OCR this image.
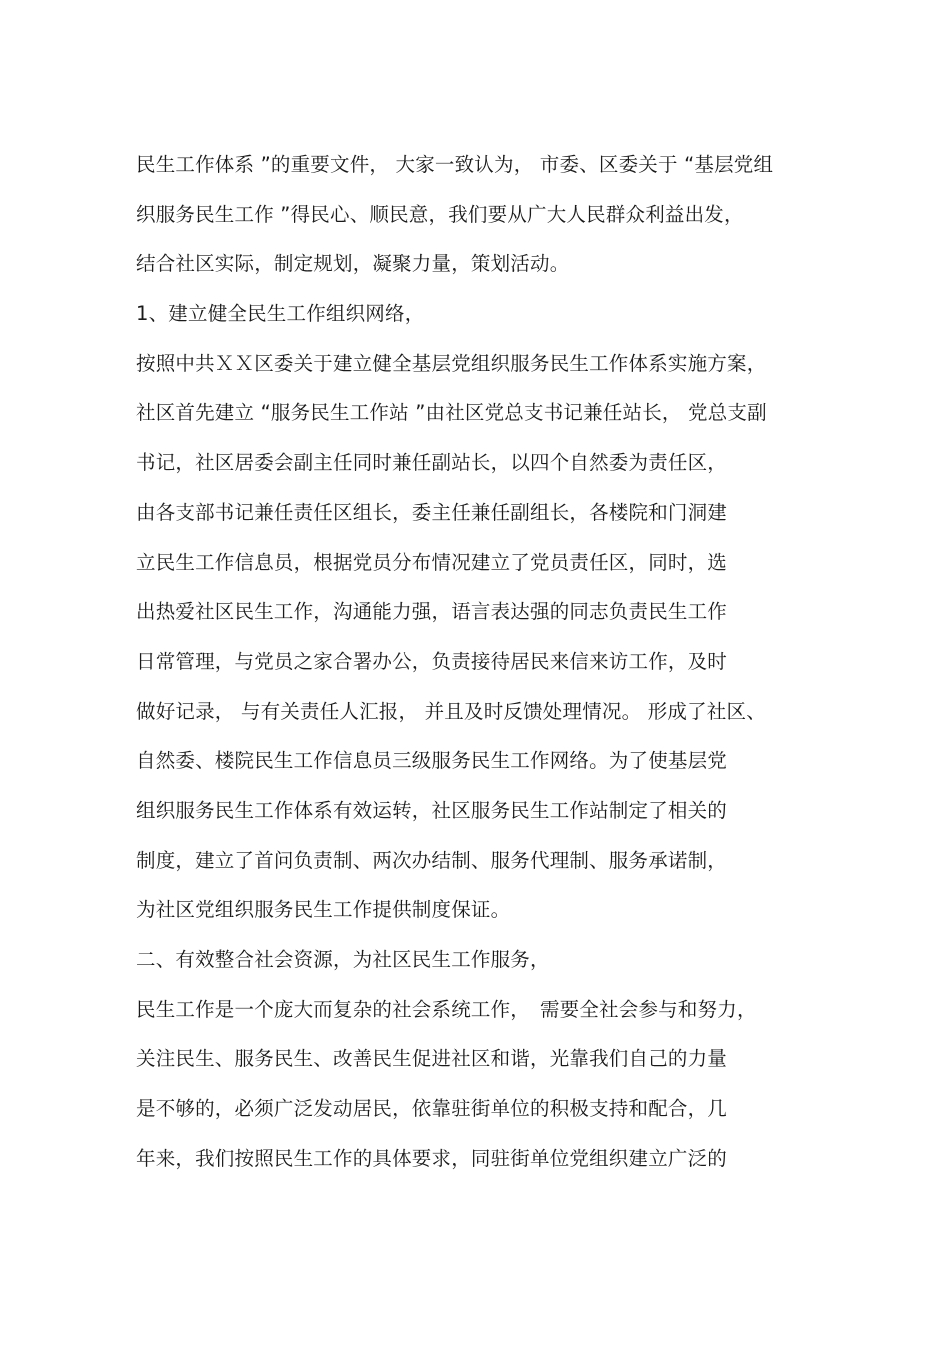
民生工作体系 ”的重要文件， 大家一致认为， 市委、区委关于 “基层党组
织服务民生工作 ”得民心、顺民意，我们要从广大人民群众利益出发，
结合社区实际，制定规划，凝聚力量，策划活动。
1、建立健全民生工作组织网络，
按照中共ＸＸ区委关于建立健全基层党组织服务民生工作体系实施方案，
社区首先建立 “服务民生工作站 ”由社区党总支书记兼任站长， 党总支副
书记，社区居委会副主任同时兼任副站长，以四个自然委为责任区，
由各支部书记兼任责任区组长，委主任兼任副组长，各楼院和门洞建
立民生工作信息员，根据党员分布情况建立了党员责任区，同时，选
出热爱社区民生工作，沟通能力强，语言表达强的同志负责民生工作
日常管理，与党员之家合署办公，负责接待居民来信来访工作，及时
做好记录， 与有关责任人汇报， 并且及时反馈处理情况。 形成了社区、
自然委、楼院民生工作信息员三级服务民生工作网络。为了使基层党
组织服务民生工作体系有效运转，社区服务民生工作站制定了相关的
制度，建立了首问负责制、两次办结制、服务代理制、服务承诺制，
为社区党组织服务民生工作提供制度保证。
二、有效整合社会资源，为社区民生工作服务，
民生工作是一个庞大而复杂的社会系统工作，　需要全社会参与和努力，
关注民生、服务民生、改善民生促进社区和谐，光靠我们自己的力量
是不够的，必须广泛发动居民，依靠驻街单位的积极支持和配合，几
年来，我们按照民生工作的具体要求，同驻街单位党组织建立广泛的
